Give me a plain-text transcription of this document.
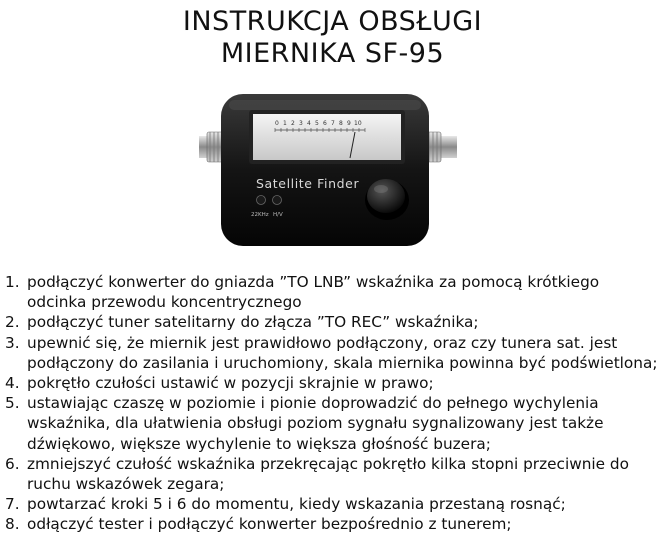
INSTRUKCJA OBSŁUGI
MIERNIKA SF-95
0 1 2 3 4 5 6 7 8 9 10
Satellite Finder
22KHz H/V
1. podłączyć konwerter do gniazda ”TO LNB” wskaźnika za pomocą krótkiego odcinka przewodu koncentrycznego
2. podłączyć tuner satelitarny do złącza ”TO REC” wskaźnika;
3. upewnić się, że miernik jest prawidłowo podłączony, oraz czy tunera sat. jest podłączony do zasilania i uruchomiony, skala miernika powinna być podświetlona;
4. pokrętło czułości ustawić w pozycji skrajnie w prawo;
5. ustawiając czaszę w poziomie i pionie doprowadzić do pełnego wychylenia wskaźnika, dla ułatwienia obsługi poziom sygnału sygnalizowany jest także dźwiękowo, większe wychylenie to większa głośność buzera;
6. zmniejszyć czułość wskaźnika przekręcając pokrętło kilka stopni przeciwnie do ruchu wskazówek zegara;
7. powtarzać kroki 5 i 6 do momentu, kiedy wskazania przestaną rosnąć;
8. odłączyć tester i podłączyć konwerter bezpośrednio z tunerem;
